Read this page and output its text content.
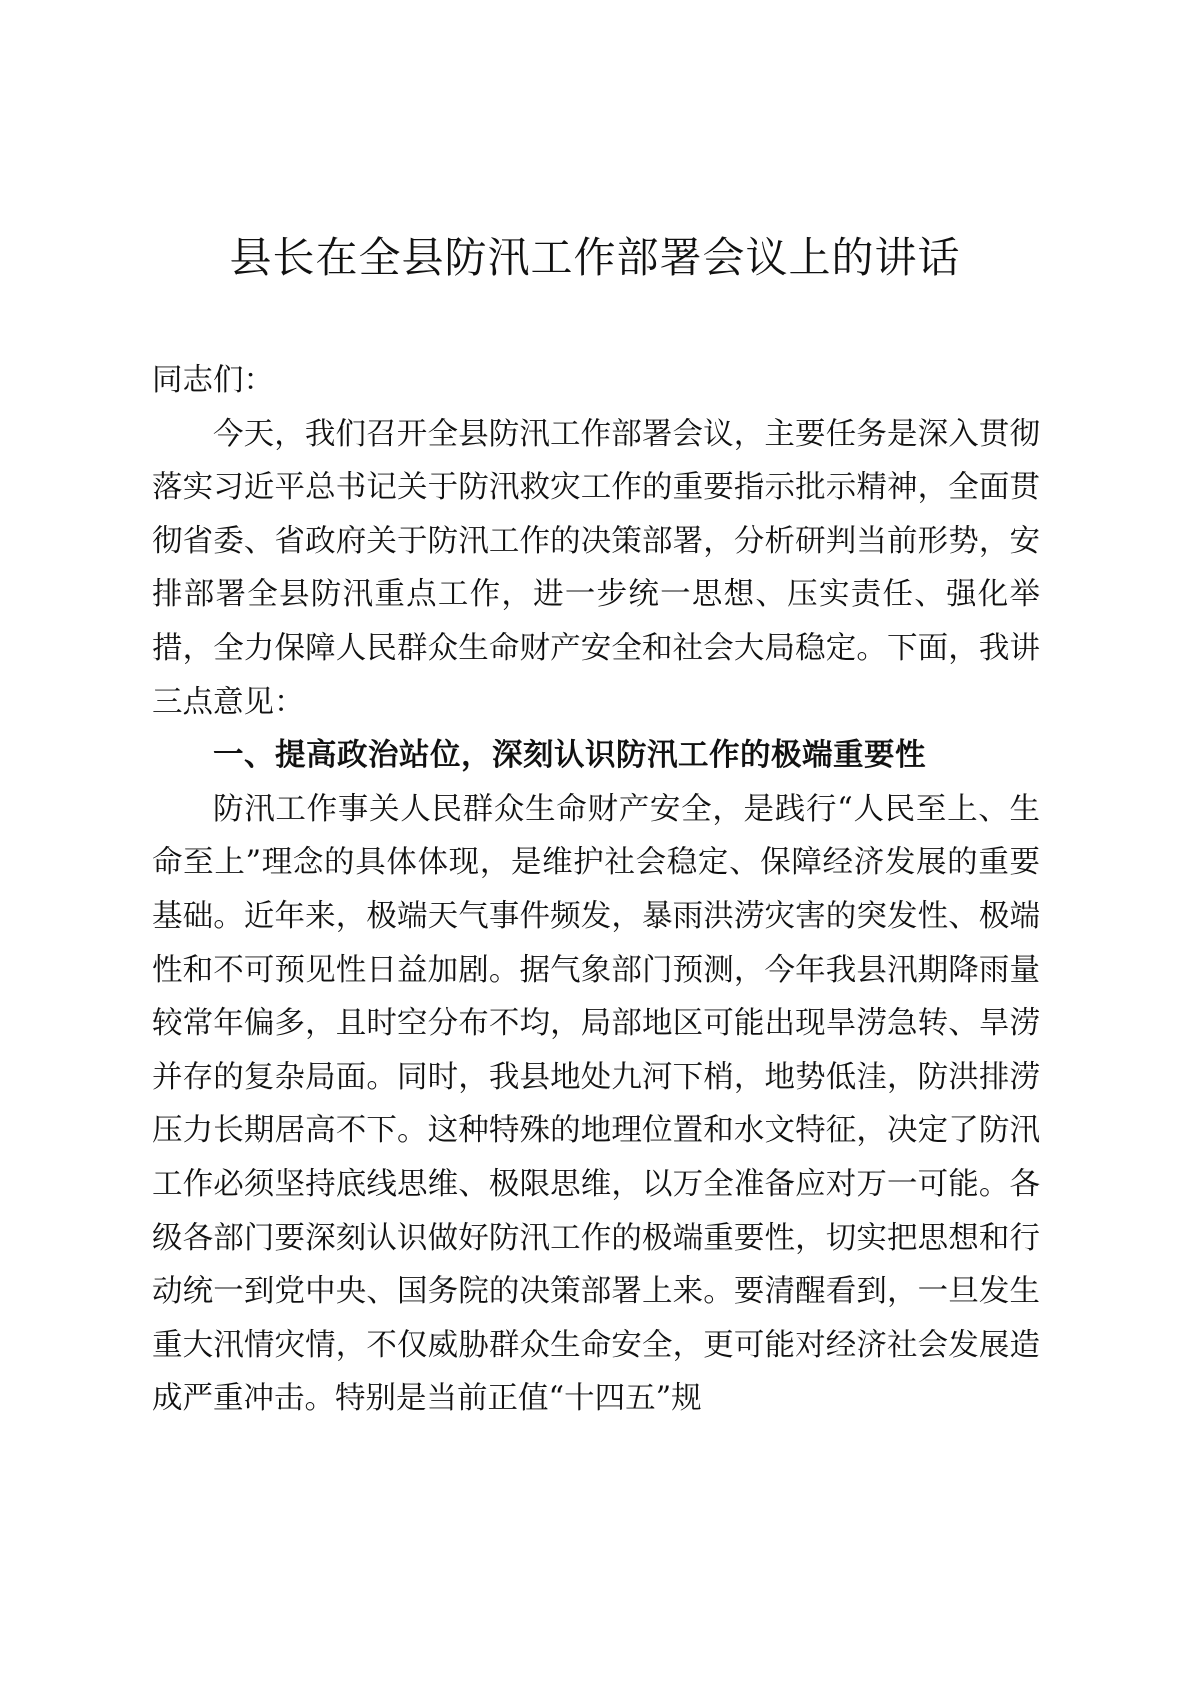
县长在全县防汛工作部署会议上的讲话

同志们：

今天，我们召开全县防汛工作部署会议，主要任务是深入贯彻落实习近平总书记关于防汛救灾工作的重要指示批示精神，全面贯彻省委、省政府关于防汛工作的决策部署，分析研判当前形势，安排部署全县防汛重点工作，进一步统一思想、压实责任、强化举措，全力保障人民群众生命财产安全和社会大局稳定。下面，我讲三点意见：

一、提高政治站位，深刻认识防汛工作的极端重要性

防汛工作事关人民群众生命财产安全，是践行“人民至上、生命至上”理念的具体体现，是维护社会稳定、保障经济发展的重要基础。近年来，极端天气事件频发，暴雨洪涝灾害的突发性、极端性和不可预见性日益加剧。据气象部门预测，今年我县汛期降雨量较常年偏多，且时空分布不均，局部地区可能出现旱涝急转、旱涝并存的复杂局面。同时，我县地处九河下梢，地势低洼，防洪排涝压力长期居高不下。这种特殊的地理位置和水文特征，决定了防汛工作必须坚持底线思维、极限思维，以万全准备应对万一可能。各级各部门要深刻认识做好防汛工作的极端重要性，切实把思想和行动统一到党中央、国务院的决策部署上来。要清醒看到，一旦发生重大汛情灾情，不仅威胁群众生命安全，更可能对经济社会发展造成严重冲击。特别是当前正值“十四五”规
